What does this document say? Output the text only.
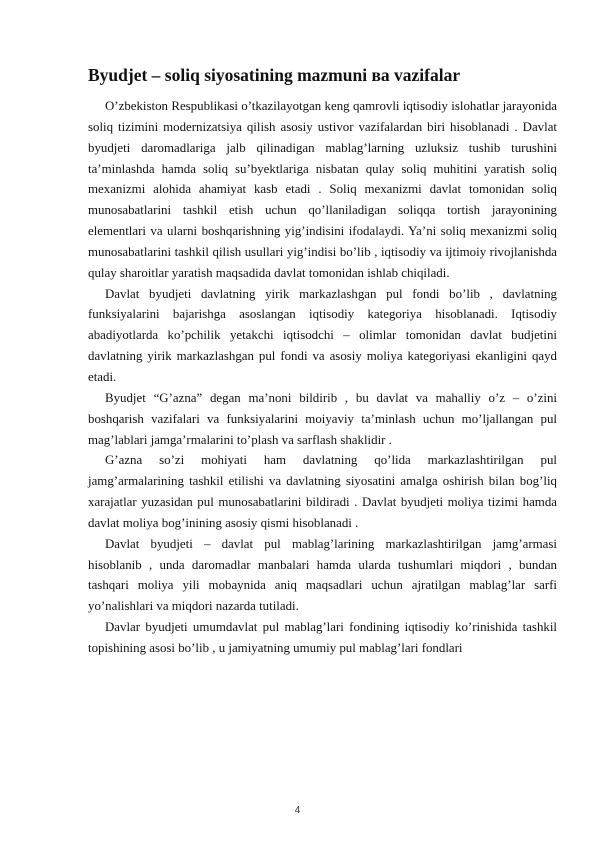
Byudjet – soliq siyosatining mazmuni ва vazifalar

O’zbekiston Respublikasi o’tkazilayotgan keng qamrovli iqtisodiy islohatlar jarayonida soliq tizimini modernizatsiya qilish asosiy ustivor vazifalardan biri hisoblanadi . Davlat byudjeti daromadlariga jalb qilinadigan mablag’larning uzluksiz tushib turushini ta’minlashda hamda soliq su’byektlariga nisbatan qulay soliq muhitini yaratish soliq mexanizmi alohida ahamiyat kasb etadi . Soliq mexanizmi davlat tomonidan soliq munosabatlarini tashkil etish uchun qo’llaniladigan soliqqa tortish jarayonining elementlari va ularni boshqarishning yig’indisini ifodalaydi. Ya’ni soliq mexanizmi soliq munosabatlarini tashkil qilish usullari yig’indisi bo’lib , iqtisodiy va ijtimoiy rivojlanishda qulay sharoitlar yaratish maqsadida davlat tomonidan ishlab chiqiladi.

Davlat byudjeti davlatning yirik markazlashgan pul fondi bo’lib , davlatning funksiyalarini bajarishga asoslangan iqtisodiy kategoriya hisoblanadi. Iqtisodiy abadiyotlarda ko’pchilik yetakchi iqtisodchi – olimlar tomonidan davlat budjetini davlatning yirik markazlashgan pul fondi va asosiy moliya kategoriyasi ekanligini qayd etadi.

Byudjet “G’azna” degan ma’noni bildirib , bu davlat va mahalliy o’z – o’zini boshqarish vazifalari va funksiyalarini moiyaviy ta’minlash uchun mo’ljallangan pul mag’lablari jamga’rmalarini to’plash va sarflash shaklidir .

G’azna so’zi mohiyati ham davlatning qo’lida markazlashtirilgan pul jamg’armalarining tashkil etilishi va davlatning siyosatini amalga oshirish bilan bog’liq xarajatlar yuzasidan pul munosabatlarini bildiradi . Davlat byudjeti moliya tizimi hamda davlat moliya bog’inining asosiy qismi hisoblanadi .

Davlat byudjeti – davlat pul mablag’larining markazlashtirilgan jamg’armasi hisoblanib , unda daromadlar manbalari hamda ularda tushumlari miqdori , bundan tashqari moliya yili mobaynida aniq maqsadlari uchun ajratilgan mablag’lar sarfi yo’nalishlari va miqdori nazarda tutiladi.

Davlar byudjeti umumdavlat pul mablag’lari fondining iqtisodiy ko’rinishida tashkil topishining asosi bo’lib , u jamiyatning umumiy pul mablag’lari fondlari

4
